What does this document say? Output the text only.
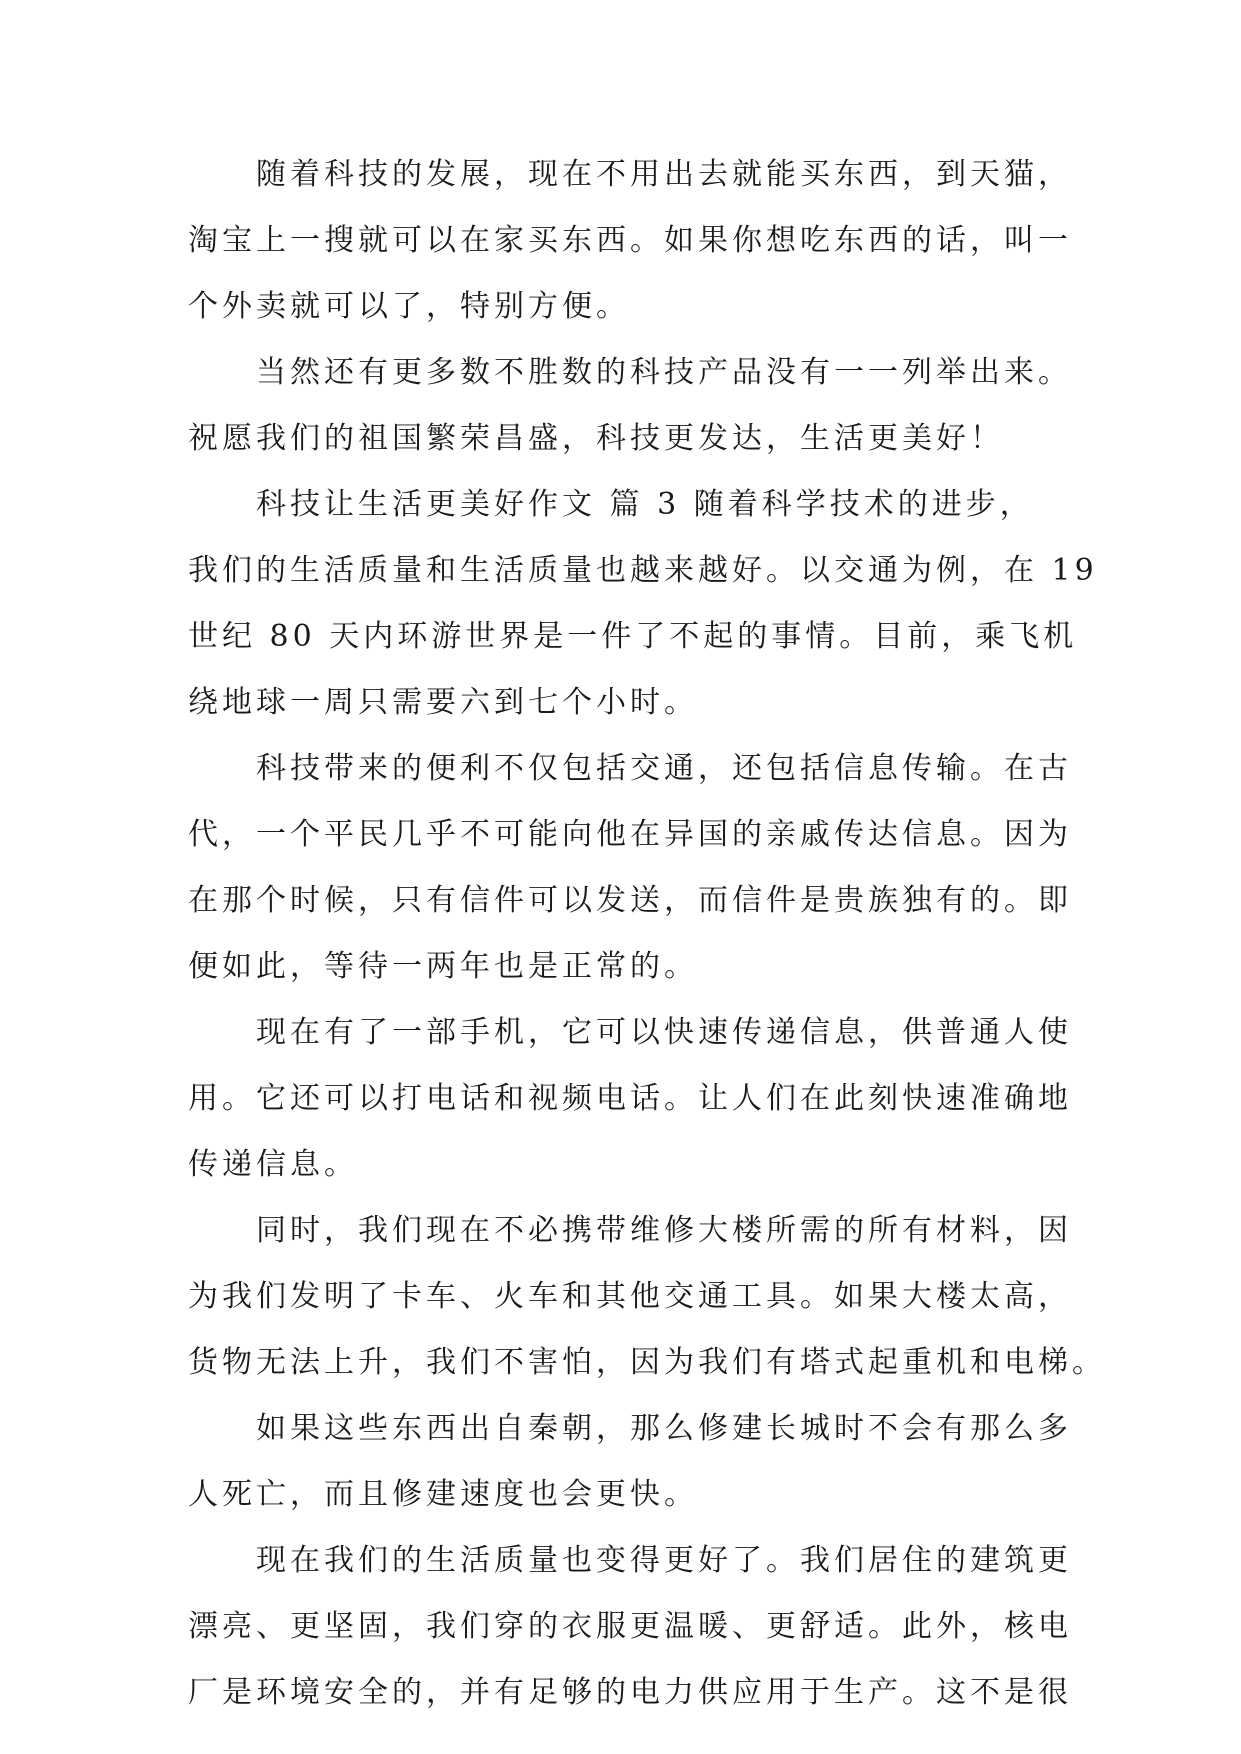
随着科技的发展，现在不用出去就能买东西，到天猫，
淘宝上一搜就可以在家买东西。如果你想吃东西的话，叫一
个外卖就可以了，特别方便。
当然还有更多数不胜数的科技产品没有一一列举出来。
祝愿我们的祖国繁荣昌盛，科技更发达，生活更美好！
科技让生活更美好作文 篇 3 随着科学技术的进步，
我们的生活质量和生活质量也越来越好。以交通为例，在 19
世纪 80 天内环游世界是一件了不起的事情。目前，乘飞机
绕地球一周只需要六到七个小时。
科技带来的便利不仅包括交通，还包括信息传输。在古
代，一个平民几乎不可能向他在异国的亲戚传达信息。因为
在那个时候，只有信件可以发送，而信件是贵族独有的。即
便如此，等待一两年也是正常的。
现在有了一部手机，它可以快速传递信息，供普通人使
用。它还可以打电话和视频电话。让人们在此刻快速准确地
传递信息。
同时，我们现在不必携带维修大楼所需的所有材料，因
为我们发明了卡车、火车和其他交通工具。如果大楼太高，
货物无法上升，我们不害怕，因为我们有塔式起重机和电梯。
如果这些东西出自秦朝，那么修建长城时不会有那么多
人死亡，而且修建速度也会更快。
现在我们的生活质量也变得更好了。我们居住的建筑更
漂亮、更坚固，我们穿的衣服更温暖、更舒适。此外，核电
厂是环境安全的，并有足够的电力供应用于生产。这不是很
